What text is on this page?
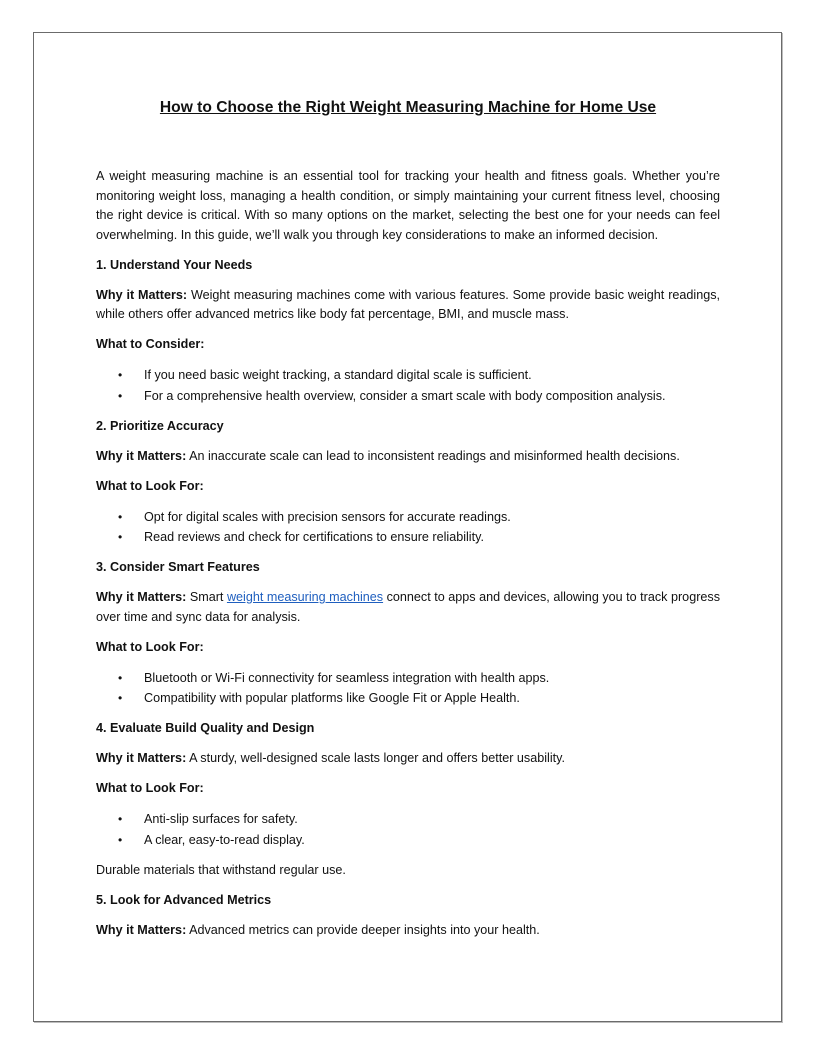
How to Choose the Right Weight Measuring Machine for Home Use

A weight measuring machine is an essential tool for tracking your health and fitness goals. Whether you’re monitoring weight loss, managing a health condition, or simply maintaining your current fitness level, choosing the right device is critical. With so many options on the market, selecting the best one for your needs can feel overwhelming. In this guide, we’ll walk you through key considerations to make an informed decision.

1. Understand Your Needs

Why it Matters: Weight measuring machines come with various features. Some provide basic weight readings, while others offer advanced metrics like body fat percentage, BMI, and muscle mass.

What to Consider:

• If you need basic weight tracking, a standard digital scale is sufficient.
• For a comprehensive health overview, consider a smart scale with body composition analysis.

2. Prioritize Accuracy

Why it Matters: An inaccurate scale can lead to inconsistent readings and misinformed health decisions.

What to Look For:

• Opt for digital scales with precision sensors for accurate readings.
• Read reviews and check for certifications to ensure reliability.

3. Consider Smart Features

Why it Matters: Smart weight measuring machines connect to apps and devices, allowing you to track progress over time and sync data for analysis.

What to Look For:

• Bluetooth or Wi-Fi connectivity for seamless integration with health apps.
• Compatibility with popular platforms like Google Fit or Apple Health.

4. Evaluate Build Quality and Design

Why it Matters: A sturdy, well-designed scale lasts longer and offers better usability.

What to Look For:

• Anti-slip surfaces for safety.
• A clear, easy-to-read display.

Durable materials that withstand regular use.

5. Look for Advanced Metrics

Why it Matters: Advanced metrics can provide deeper insights into your health.
